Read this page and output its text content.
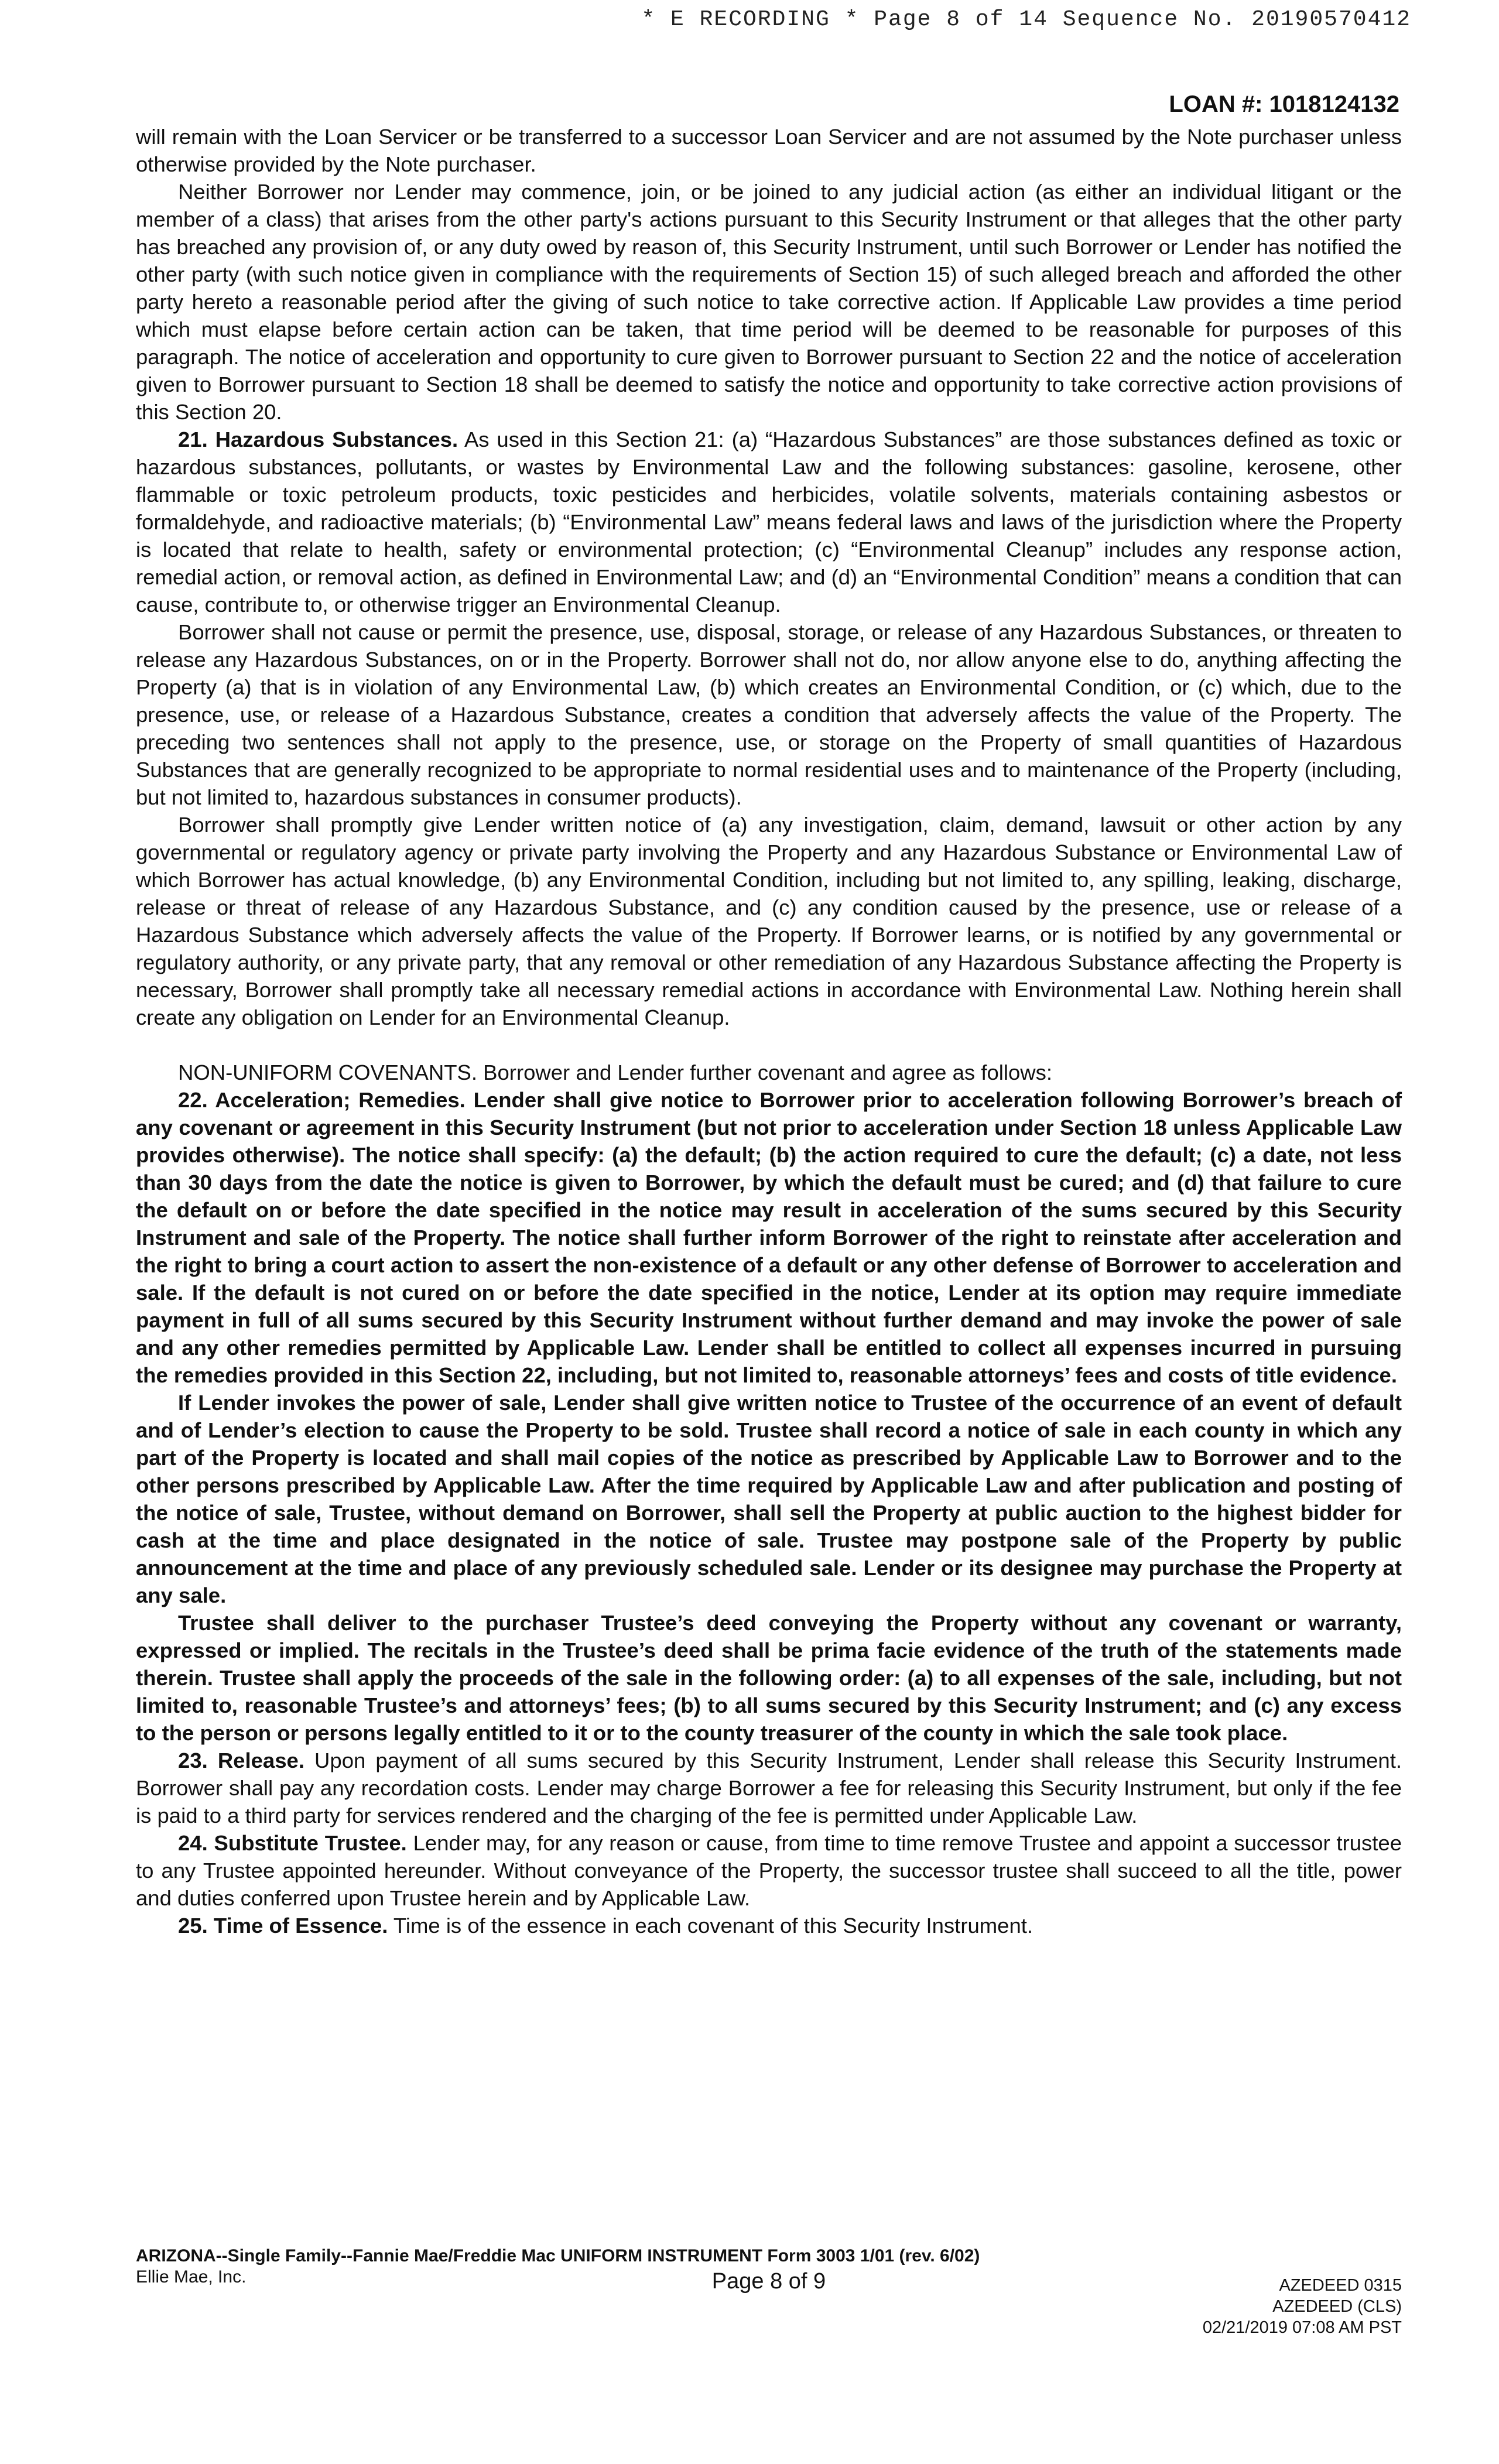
* E RECORDING * Page 8 of 14 Sequence No. 20190570412
LOAN #: 1018124132

will remain with the Loan Servicer or be transferred to a successor Loan Servicer and are not assumed by the Note purchaser unless otherwise provided by the Note purchaser.

Neither Borrower nor Lender may commence, join, or be joined to any judicial action (as either an individual litigant or the member of a class) that arises from the other party's actions pursuant to this Security Instrument or that alleges that the other party has breached any provision of, or any duty owed by reason of, this Security Instrument, until such Borrower or Lender has notified the other party (with such notice given in compliance with the requirements of Section 15) of such alleged breach and afforded the other party hereto a reasonable period after the giving of such notice to take corrective action. If Applicable Law provides a time period which must elapse before certain action can be taken, that time period will be deemed to be reasonable for purposes of this paragraph. The notice of acceleration and opportunity to cure given to Borrower pursuant to Section 22 and the notice of acceleration given to Borrower pursuant to Section 18 shall be deemed to satisfy the notice and opportunity to take corrective action provisions of this Section 20.

21. Hazardous Substances. As used in this Section 21: (a) “Hazardous Substances” are those substances defined as toxic or hazardous substances, pollutants, or wastes by Environmental Law and the following substances: gasoline, kerosene, other flammable or toxic petroleum products, toxic pesticides and herbicides, volatile solvents, materials containing asbestos or formaldehyde, and radioactive materials; (b) “Environmental Law” means federal laws and laws of the jurisdiction where the Property is located that relate to health, safety or environmental protection; (c) “Environmental Cleanup” includes any response action, remedial action, or removal action, as defined in Environmental Law; and (d) an “Environmental Condition” means a condition that can cause, contribute to, or otherwise trigger an Environmental Cleanup.

Borrower shall not cause or permit the presence, use, disposal, storage, or release of any Hazardous Substances, or threaten to release any Hazardous Substances, on or in the Property. Borrower shall not do, nor allow anyone else to do, anything affecting the Property (a) that is in violation of any Environmental Law, (b) which creates an Environmental Condition, or (c) which, due to the presence, use, or release of a Hazardous Substance, creates a condition that adversely affects the value of the Property. The preceding two sentences shall not apply to the presence, use, or storage on the Property of small quantities of Hazardous Substances that are generally recognized to be appropriate to normal residential uses and to maintenance of the Property (including, but not limited to, hazardous substances in consumer products).

Borrower shall promptly give Lender written notice of (a) any investigation, claim, demand, lawsuit or other action by any governmental or regulatory agency or private party involving the Property and any Hazardous Substance or Environmental Law of which Borrower has actual knowledge, (b) any Environmental Condition, including but not limited to, any spilling, leaking, discharge, release or threat of release of any Hazardous Substance, and (c) any condition caused by the presence, use or release of a Hazardous Substance which adversely affects the value of the Property. If Borrower learns, or is notified by any governmental or regulatory authority, or any private party, that any removal or other remediation of any Hazardous Substance affecting the Property is necessary, Borrower shall promptly take all necessary remedial actions in accordance with Environmental Law. Nothing herein shall create any obligation on Lender for an Environmental Cleanup.

NON-UNIFORM COVENANTS. Borrower and Lender further covenant and agree as follows:

22. Acceleration; Remedies. Lender shall give notice to Borrower prior to acceleration following Borrower’s breach of any covenant or agreement in this Security Instrument (but not prior to acceleration under Section 18 unless Applicable Law provides otherwise). The notice shall specify: (a) the default; (b) the action required to cure the default; (c) a date, not less than 30 days from the date the notice is given to Borrower, by which the default must be cured; and (d) that failure to cure the default on or before the date specified in the notice may result in acceleration of the sums secured by this Security Instrument and sale of the Property. The notice shall further inform Borrower of the right to reinstate after acceleration and the right to bring a court action to assert the non-existence of a default or any other defense of Borrower to acceleration and sale. If the default is not cured on or before the date specified in the notice, Lender at its option may require immediate payment in full of all sums secured by this Security Instrument without further demand and may invoke the power of sale and any other remedies permitted by Applicable Law. Lender shall be entitled to collect all expenses incurred in pursuing the remedies provided in this Section 22, including, but not limited to, reasonable attorneys’ fees and costs of title evidence.

If Lender invokes the power of sale, Lender shall give written notice to Trustee of the occurrence of an event of default and of Lender’s election to cause the Property to be sold. Trustee shall record a notice of sale in each county in which any part of the Property is located and shall mail copies of the notice as prescribed by Applicable Law to Borrower and to the other persons prescribed by Applicable Law. After the time required by Applicable Law and after publication and posting of the notice of sale, Trustee, without demand on Borrower, shall sell the Property at public auction to the highest bidder for cash at the time and place designated in the notice of sale. Trustee may postpone sale of the Property by public announcement at the time and place of any previously scheduled sale. Lender or its designee may purchase the Property at any sale.

Trustee shall deliver to the purchaser Trustee’s deed conveying the Property without any covenant or warranty, expressed or implied. The recitals in the Trustee’s deed shall be prima facie evidence of the truth of the statements made therein. Trustee shall apply the proceeds of the sale in the following order: (a) to all expenses of the sale, including, but not limited to, reasonable Trustee’s and attorneys’ fees; (b) to all sums secured by this Security Instrument; and (c) any excess to the person or persons legally entitled to it or to the county treasurer of the county in which the sale took place.

23. Release. Upon payment of all sums secured by this Security Instrument, Lender shall release this Security Instrument. Borrower shall pay any recordation costs. Lender may charge Borrower a fee for releasing this Security Instrument, but only if the fee is paid to a third party for services rendered and the charging of the fee is permitted under Applicable Law.

24. Substitute Trustee. Lender may, for any reason or cause, from time to time remove Trustee and appoint a successor trustee to any Trustee appointed hereunder. Without conveyance of the Property, the successor trustee shall succeed to all the title, power and duties conferred upon Trustee herein and by Applicable Law.

25. Time of Essence. Time is of the essence in each covenant of this Security Instrument.

ARIZONA--Single Family--Fannie Mae/Freddie Mac UNIFORM INSTRUMENT Form 3003 1/01 (rev. 6/02)
Ellie Mae, Inc.	Page 8 of 9	AZEDEED 0315
AZEDEED (CLS)
02/21/2019 07:08 AM PST
